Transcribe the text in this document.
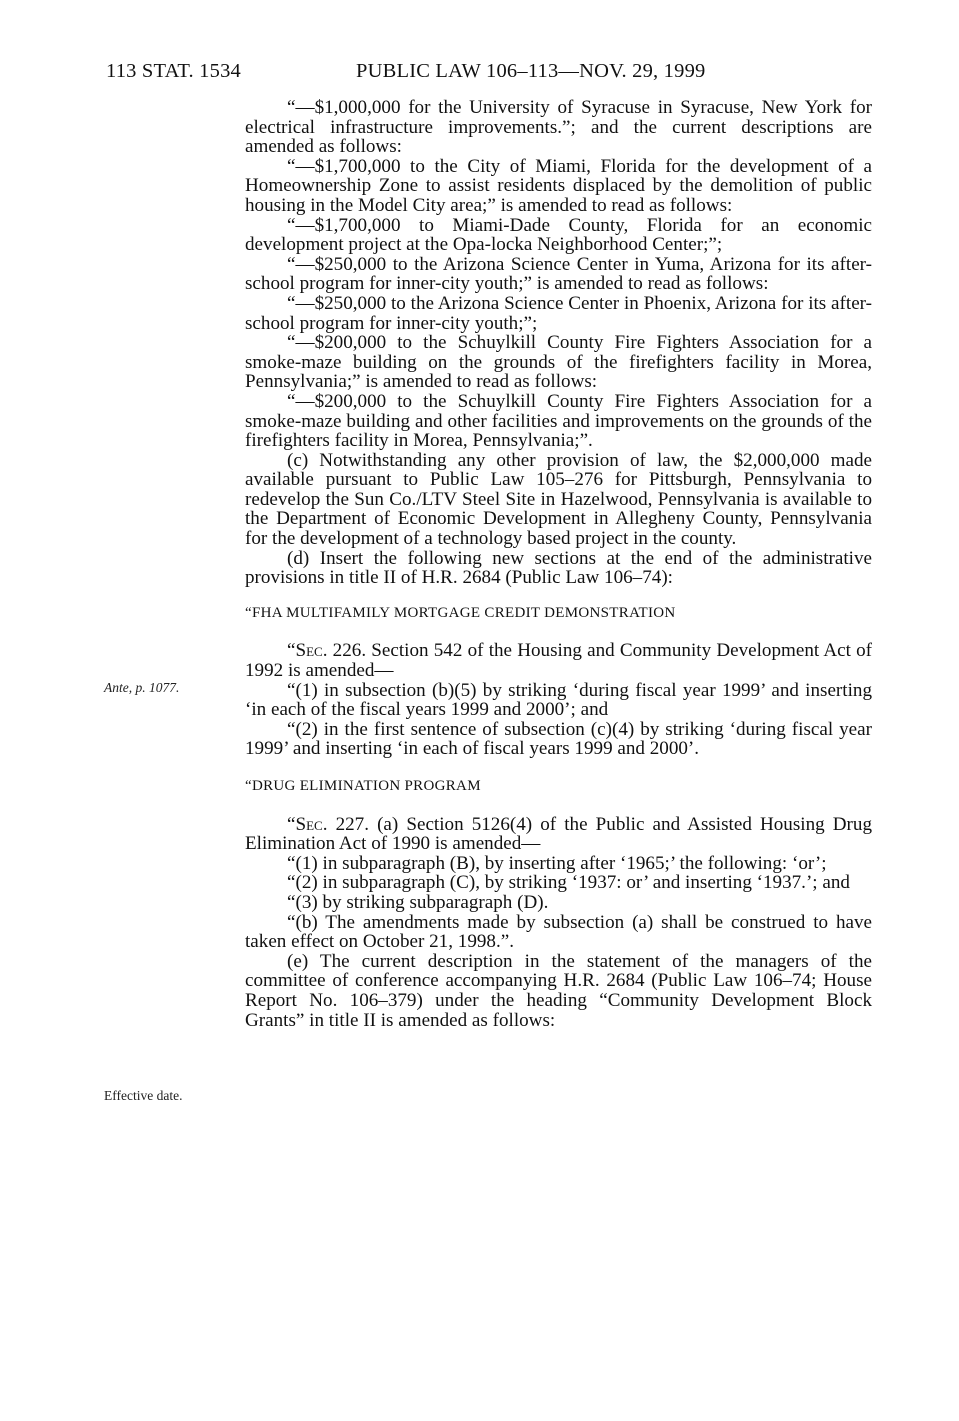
113 STAT. 1534	PUBLIC LAW 106–113—NOV. 29, 1999
Ante, p. 1077.
Effective date.

“—$1,000,000 for the University of Syracuse in Syracuse, New York for electrical infrastructure improvements.”; and the current descriptions are amended as follows:

“—$1,700,000 to the City of Miami, Florida for the development of a Homeownership Zone to assist residents displaced by the demolition of public housing in the Model City area;” is amended to read as follows:

“—$1,700,000 to Miami-Dade County, Florida for an economic development project at the Opa-locka Neighborhood Center;”;

“—$250,000 to the Arizona Science Center in Yuma, Arizona for its after-school program for inner-city youth;” is amended to read as follows:

“—$250,000 to the Arizona Science Center in Phoenix, Arizona for its after-school program for inner-city youth;”;

“—$200,000 to the Schuylkill County Fire Fighters Association for a smoke-maze building on the grounds of the firefighters facility in Morea, Pennsylvania;” is amended to read as follows:

“—$200,000 to the Schuylkill County Fire Fighters Association for a smoke-maze building and other facilities and improvements on the grounds of the firefighters facility in Morea, Pennsylvania;”.

(c) Notwithstanding any other provision of law, the $2,000,000 made available pursuant to Public Law 105–276 for Pittsburgh, Pennsylvania to redevelop the Sun Co./LTV Steel Site in Hazelwood, Pennsylvania is available to the Department of Economic Development in Allegheny County, Pennsylvania for the development of a technology based project in the county.

(d) Insert the following new sections at the end of the administrative provisions in title II of H.R. 2684 (Public Law 106–74):

“FHA MULTIFAMILY MORTGAGE CREDIT DEMONSTRATION

“Sec. 226. Section 542 of the Housing and Community Development Act of 1992 is amended—

“(1) in subsection (b)(5) by striking ‘during fiscal year 1999’ and inserting ‘in each of the fiscal years 1999 and 2000’; and

“(2) in the first sentence of subsection (c)(4) by striking ‘during fiscal year 1999’ and inserting ‘in each of fiscal years 1999 and 2000’.

“DRUG ELIMINATION PROGRAM

“Sec. 227. (a) Section 5126(4) of the Public and Assisted Housing Drug Elimination Act of 1990 is amended—

“(1) in subparagraph (B), by inserting after ‘1965;’ the following: ‘or’;

“(2) in subparagraph (C), by striking ‘1937: or’ and inserting ‘1937.’; and

“(3) by striking subparagraph (D).

“(b) The amendments made by subsection (a) shall be construed to have taken effect on October 21, 1998.”.

(e) The current description in the statement of the managers of the committee of conference accompanying H.R. 2684 (Public Law 106–74; House Report No. 106–379) under the heading “Community Development Block Grants” in title II is amended as follows:
